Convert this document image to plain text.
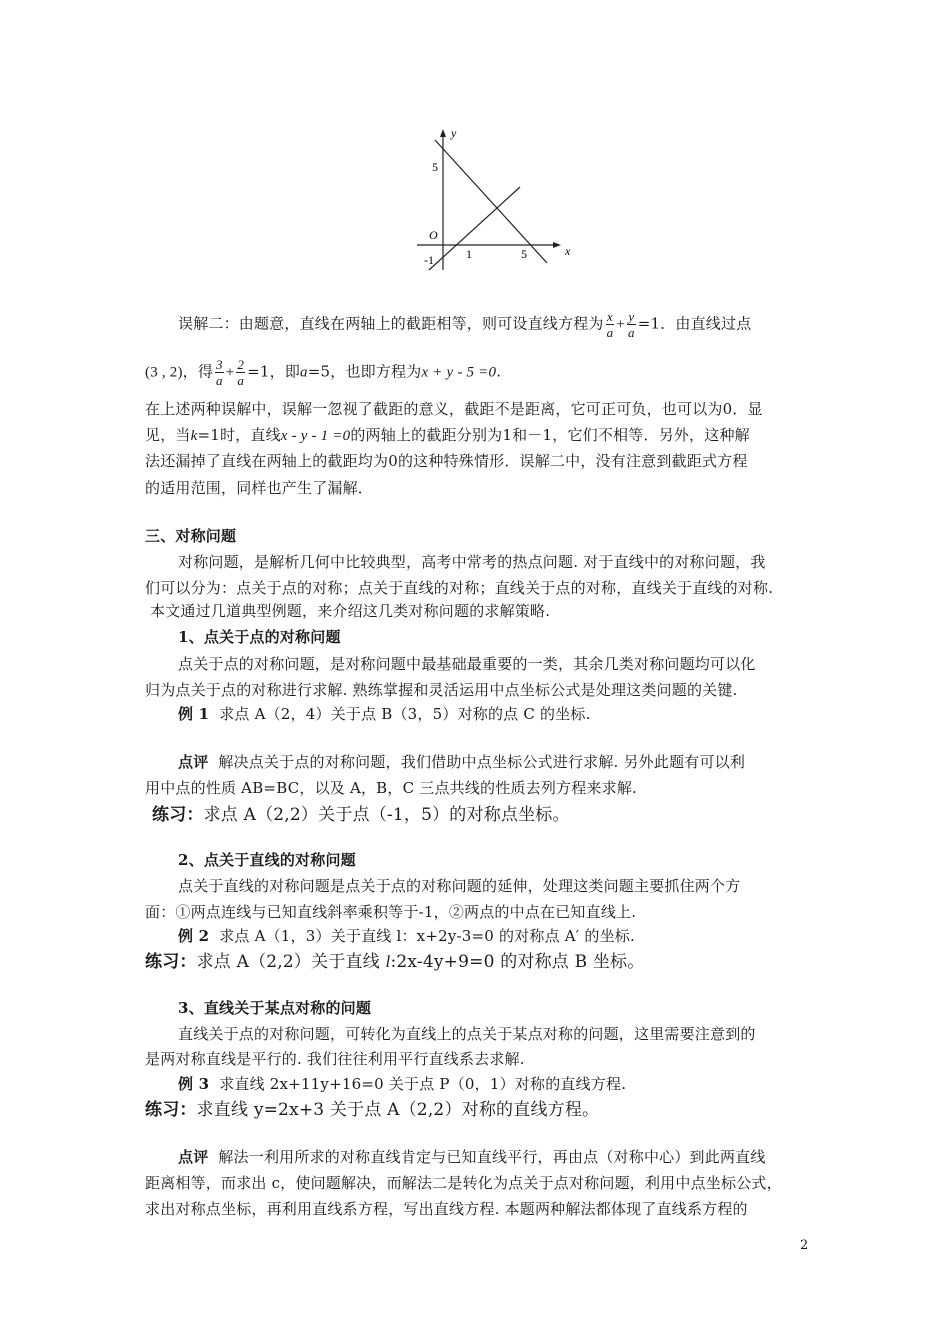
y
x
O
5
-1	1	5
误解二：由题意，直线在两轴上的截距相等，则可设直线方程为 $\frac{x}{a} + \frac{y}{a} =1$．由直线过点
(3 , 2)，得 $\frac{3}{a} + \frac{2}{a} =1$，即a=5，也即方程为x + y - 5 =0.
在上述两种误解中，误解一忽视了截距的意义，截距不是距离，它可正可负，也可以为0．显
见，当k=1时，直线x - y - 1 =0的两轴上的截距分别为1和－1，它们不相等．另外，这种解
法还漏掉了直线在两轴上的截距均为0的这种特殊情形．误解二中，没有注意到截距式方程
的适用范围，同样也产生了漏解．
三、对称问题
对称问题，是解析几何中比较典型，高考中常考的热点问题. 对于直线中的对称问题，我
们可以分为：点关于点的对称；点关于直线的对称；直线关于点的对称，直线关于直线的对称.
本文通过几道典型例题，来介绍这几类对称问题的求解策略.
1、点关于点的对称问题
点关于点的对称问题，是对称问题中最基础最重要的一类，其余几类对称问题均可以化
归为点关于点的对称进行求解. 熟练掌握和灵活运用中点坐标公式是处理这类问题的关键.
例 1 求点 A（2，4）关于点 B（3，5）对称的点 C 的坐标.
点评 解决点关于点的对称问题，我们借助中点坐标公式进行求解. 另外此题有可以利
用中点的性质 AB=BC，以及 A，B，C 三点共线的性质去列方程来求解.
练习：求点 A（2,2）关于点（-1，5）的对称点坐标。
2、点关于直线的对称问题
点关于直线的对称问题是点关于点的对称问题的延伸，处理这类问题主要抓住两个方
面：①两点连线与已知直线斜率乘积等于-1，②两点的中点在已知直线上.
例 2 求点 A（1，3）关于直线 l：x+2y-3=0 的对称点 A′ 的坐标.
练习：求点 A（2,2）关于直线 l:2x-4y+9=0 的对称点 B 坐标。
3、直线关于某点对称的问题
直线关于点的对称问题，可转化为直线上的点关于某点对称的问题，这里需要注意到的
是两对称直线是平行的. 我们往往利用平行直线系去求解.
例 3 求直线 2x+11y+16=0 关于点 P（0，1）对称的直线方程.
练习：求直线 y=2x+3 关于点 A（2,2）对称的直线方程。
点评 解法一利用所求的对称直线肯定与已知直线平行，再由点（对称中心）到此两直线
距离相等，而求出 c，使问题解决，而解法二是转化为点关于点对称问题，利用中点坐标公式，
求出对称点坐标，再利用直线系方程，写出直线方程. 本题两种解法都体现了直线系方程的
2
